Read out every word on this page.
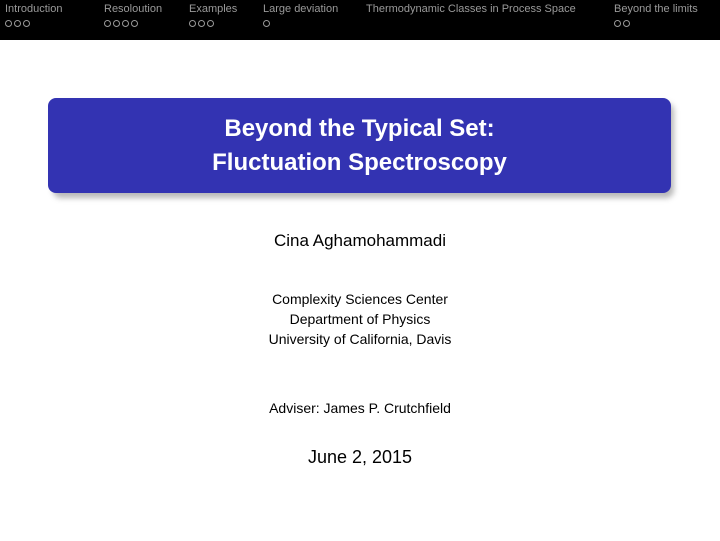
Introduction	Resoloution Examples Large deviation	Thermodynamic Classes in Process Space	Beyond the limits
Beyond the Typical Set:
Fluctuation Spectroscopy
Cina Aghamohammadi
Complexity Sciences Center
Department of Physics
University of California, Davis
Adviser: James P. Crutchfield
June 2, 2015
